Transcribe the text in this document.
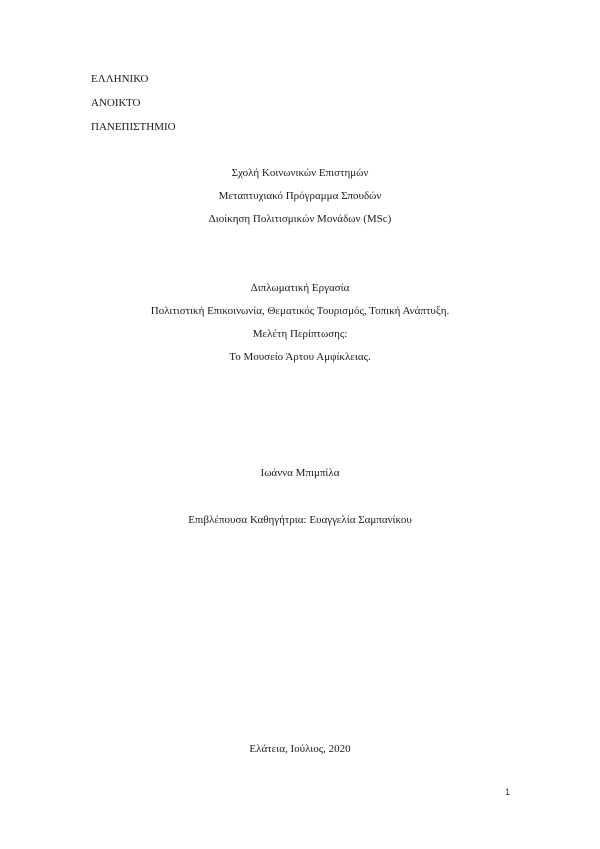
ΕΛΛΗΝΙΚΟ
ΑΝΟΙΚΤΟ
ΠΑΝΕΠΙΣΤΗΜΙΟ
Σχολή Κοινωνικών Επιστημών
Μεταπτυχιακό Πρόγραμμα Σπουδών
Διοίκηση Πολιτισμικών Μονάδων (MSc)
Διπλωματική Εργασία
Πολιτιστική Επικοινωνία, Θεματικός Τουρισμός, Τοπική Ανάπτυξη.
Μελέτη Περίπτωσης:
Το Μουσείο Άρτου Αμφίκλειας.
Ιωάννα Μπιμπίλα
Επιβλέπουσα Καθηγήτρια: Ευαγγελία Σαμπανίκου
Ελάτεια, Ιούλιος, 2020
1
